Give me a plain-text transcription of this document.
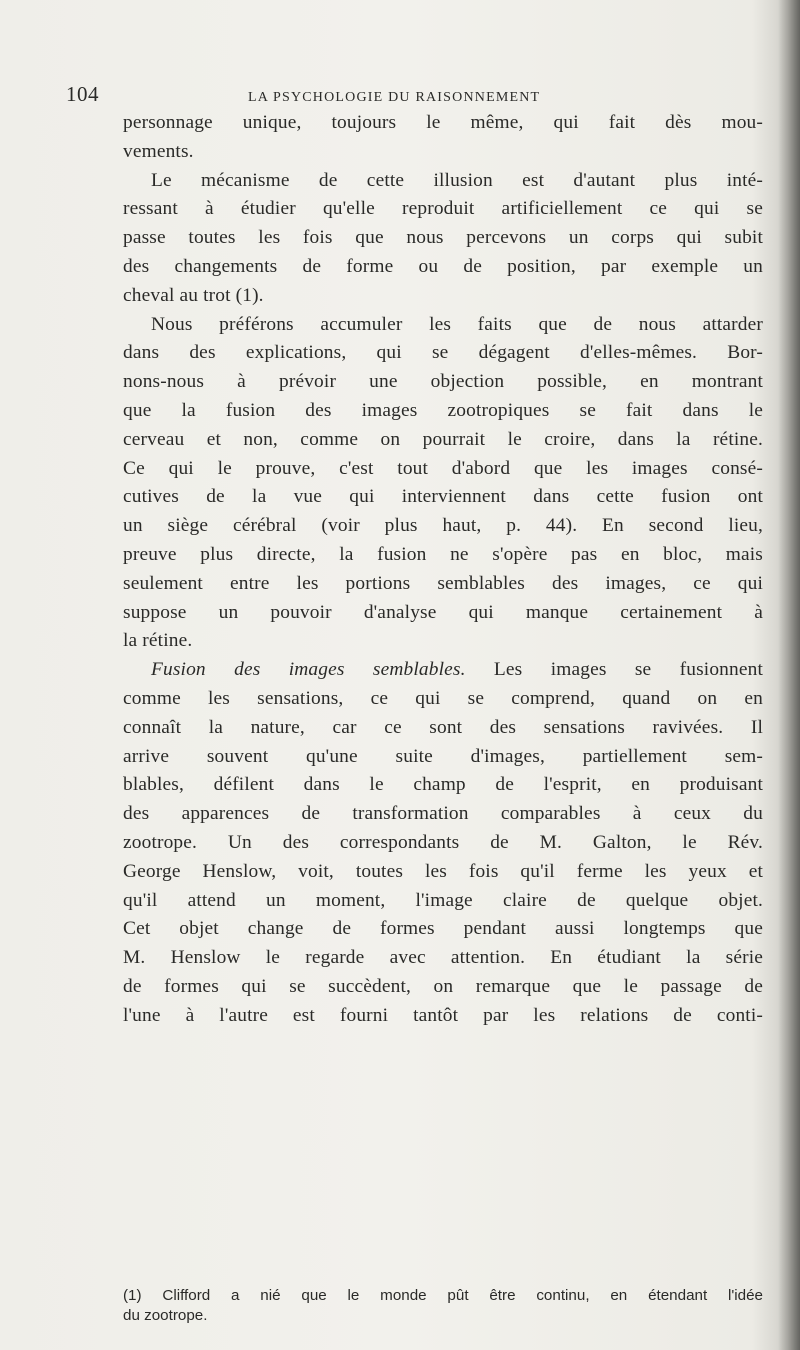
104	LA PSYCHOLOGIE DU RAISONNEMENT
personnage unique, toujours le même, qui fait dès mou-
vements.
Le mécanisme de cette illusion est d'autant plus inté-
ressant à étudier qu'elle reproduit artificiellement ce qui se
passe toutes les fois que nous percevons un corps qui subit
des changements de forme ou de position, par exemple un
cheval au trot (1).
Nous préférons accumuler les faits que de nous attarder
dans des explications, qui se dégagent d'elles-mêmes. Bor-
nons-nous à prévoir une objection possible, en montrant
que la fusion des images zootropiques se fait dans le
cerveau et non, comme on pourrait le croire, dans la rétine.
Ce qui le prouve, c'est tout d'abord que les images consé-
cutives de la vue qui interviennent dans cette fusion ont
un siège cérébral (voir plus haut, p. 44). En second lieu,
preuve plus directe, la fusion ne s'opère pas en bloc, mais
seulement entre les portions semblables des images, ce qui
suppose un pouvoir d'analyse qui manque certainement à
la rétine.
Fusion des images semblables. Les images se fusionnent
comme les sensations, ce qui se comprend, quand on en
connaît la nature, car ce sont des sensations ravivées. Il
arrive souvent qu'une suite d'images, partiellement sem-
blables, défilent dans le champ de l'esprit, en produisant
des apparences de transformation comparables à ceux du
zootrope. Un des correspondants de M. Galton, le Rév.
George Henslow, voit, toutes les fois qu'il ferme les yeux et
qu'il attend un moment, l'image claire de quelque objet.
Cet objet change de formes pendant aussi longtemps que
M. Henslow le regarde avec attention. En étudiant la série
de formes qui se succèdent, on remarque que le passage de
l'une à l'autre est fourni tantôt par les relations de conti-
(1) Clifford a nié que le monde pût être continu, en étendant l'idée
du zootrope.
